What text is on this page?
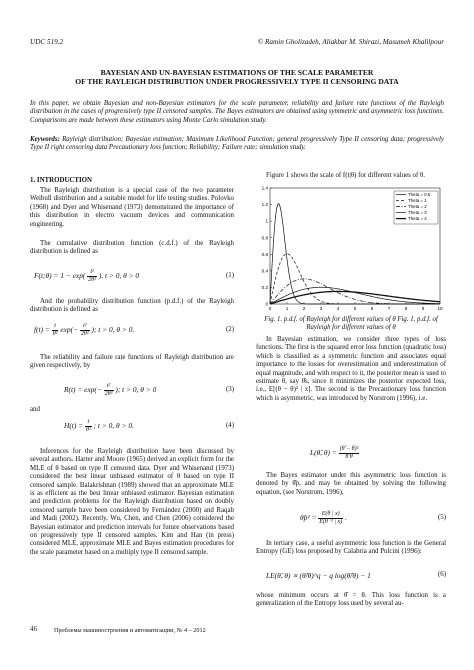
UDC 519.2	© Ramin Gholizadeh, Aliakbar M. Shirazi, Masumeh Khalilpour
BAYESIAN AND UN-BAYESIAN ESTIMATIONS OF THE SCALE PARAMETER
OF THE RAYLEIGH DISTRIBUTION UNDER PROGRESSIVELY TYPE II CENSORING DATA
In this paper, we obtain Bayesian and non-Bayesian estimators for the scale parameter, reliability and failure rate functions of the Rayleigh distribution in the cases of progressively type II censored samples. The Bayes estimators are obtained using symmetric and asymmetric loss functions. Comparisons are made between these estimators using Monte Carlo simulation study.
Keywords: Rayleigh distribution; Bayesian estimation; Maximum Likelihood Function; general progressively Type II censoring data; progressively Type II right censoring data Precautionary loss function; Reliability; Failure rate; simulation study.
1. INTRODUCTION
The Rayleigh distribution is a special case of the two parameter Weibull distribution and a suitable model for life testing studies. Polovko (1968) and Dyer and Whisenand (1973) demonstrated the importance of this distribution in electro vacuum devices and communication engineering.
The cumulative distribution function (c.d.f.) of the Rayleigh distribution is defined as
F(t;θ) = $1 - \exp( \frac{\text{t²}}{\text{2θ²}}$ ), t > 0, θ > 0	(1)
And the probability distribution function (p.d.f.) of the Rayleigh distribution is defined as
$f(t) = \frac{t}{\text{θ²}} \exp(- \frac{\text{t²}}{\text{2θ²}}$ ); t > 0, θ > 0.	(2)
The reliability and failure rate functions of Rayleigh distribution are given respectively, by
$R(t) = \exp(- \frac{\text{t²}}{\text{2θ²}}$ ); t > 0, θ > 0	(3)
and
$H(t) = \frac{t}{\text{θ²}}$ ; t > 0, θ > 0.	(4)
Inferences for the Rayleigh distribution have been discussed by several authors. Harter and Moore (1965) derived an explicit form for the MLE of θ based on type II censored data. Dyer and Whisenand (1973) considered the best linear unbiased estimator of θ based on type II censored sample. Balakrishnan (1989) showed that an approximate MLE is as efficient as the best linear unbiased estimator. Bayesian estimation and prediction problems for the Rayleigh distribution based on doubly censored sample have been considered by Fernández (2000) and Raqab and Madi (2002). Recently, Wu, Chen, and Chen (2006) considered the Bayesian estimator and prediction intervals for future observations based on progressively type II censored samples. Kim and Han (in press) considered MLE, approximate MLE and Bayes estimation procedures for the scale parameter based on a multiply type II censored sample.
Figure 1 shows the scale of f(t|θ) for different values of θ.
0	1	2	3	4	5	6	7	8	9	10
0
0.2
0.4
0.6
0.8
1
1.2
1.4
Theta = 0.5
Theta = 1
Theta = 2
Theta = 3
Theta = 4
Fig. 1. p.d.f. of Rayleigh for different values of θ Fig. 1. p.d.f. of Rayleigh for different values of θ
In Bayesian estimation, we consider three types of loss functions. The first is the squared error loss function (quadratic loss) which is classified as a symmetric function and associates equal importance to the losses for overestimation and underestimation of equal magnitude, and with respect to it, the posterior mean is used to estimate θ, say θ̂s, since it minimizes the posterior expected loss, i.e., E[(θ − θ)² | x]. The second is the Precautionary loss function which is asymmetric, was introduced by Norstrom (1996), i.e.
L(θ̂, $\theta) = \frac{\text{(θ̂ − θ)²}}{\thetâ \theta}$
The Bayes estimator under this asymmetric loss function is denoted by θ̂p, and may be obtained by solving the following equation, (see Norstrom, 1996),
θ̂p² = $\frac{E(\theta | x)}{\text{E(θ⁻¹ | x)}}$ .	(5)
In tertiary case, a useful asymmetric loss function is the General Entropy (GE) loss proposed by Calabria and Pulcini (1996):
LE(θ̂, θ) ∝ (θ̂/θ)^q − q log(θ̂/θ) − 1	(6)
whose minimum occurs at θ̂ = θ. This loss function is a generalization of the Entropy loss used by several au-
46	Проблемы машиностроения и автоматизации, № 4 – 2012
